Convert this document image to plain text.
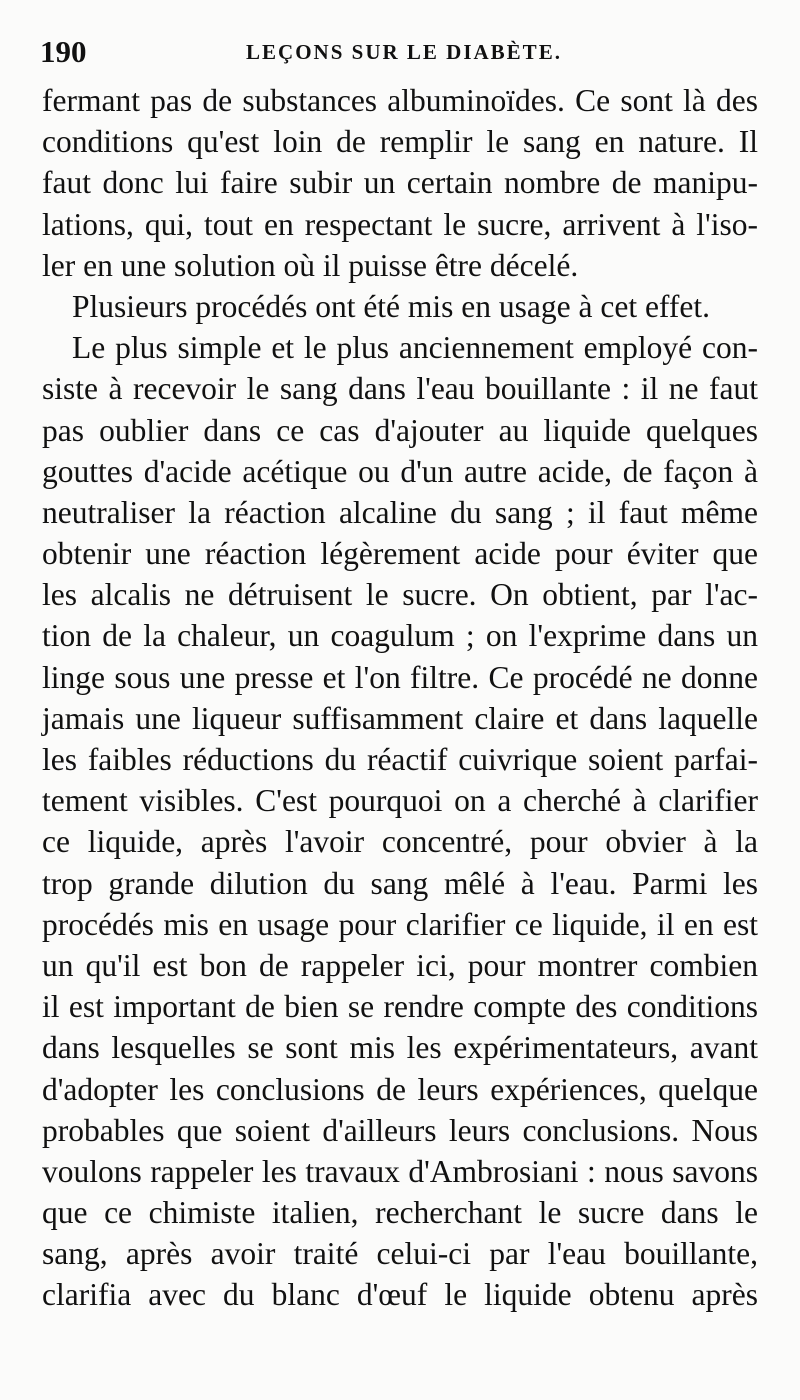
190	LEÇONS SUR LE DIABÈTE.
fermant pas de substances albuminoïdes. Ce sont là des
conditions qu'est loin de remplir le sang en nature. Il
faut donc lui faire subir un certain nombre de manipu-
lations, qui, tout en respectant le sucre, arrivent à l'iso-
ler en une solution où il puisse être décelé.
Plusieurs procédés ont été mis en usage à cet effet.
Le plus simple et le plus anciennement employé con-
siste à recevoir le sang dans l'eau bouillante : il ne faut
pas oublier dans ce cas d'ajouter au liquide quelques
gouttes d'acide acétique ou d'un autre acide, de façon à
neutraliser la réaction alcaline du sang ; il faut même
obtenir une réaction légèrement acide pour éviter que
les alcalis ne détruisent le sucre. On obtient, par l'ac-
tion de la chaleur, un coagulum ; on l'exprime dans un
linge sous une presse et l'on filtre. Ce procédé ne donne
jamais une liqueur suffisamment claire et dans laquelle
les faibles réductions du réactif cuivrique soient parfai-
tement visibles. C'est pourquoi on a cherché à clarifier
ce liquide, après l'avoir concentré, pour obvier à la
trop grande dilution du sang mêlé à l'eau. Parmi les
procédés mis en usage pour clarifier ce liquide, il en est
un qu'il est bon de rappeler ici, pour montrer combien
il est important de bien se rendre compte des conditions
dans lesquelles se sont mis les expérimentateurs, avant
d'adopter les conclusions de leurs expériences, quelque
probables que soient d'ailleurs leurs conclusions. Nous
voulons rappeler les travaux d'Ambrosiani : nous savons
que ce chimiste italien, recherchant le sucre dans le
sang, après avoir traité celui-ci par l'eau bouillante,
clarifia avec du blanc d'œuf le liquide obtenu après
